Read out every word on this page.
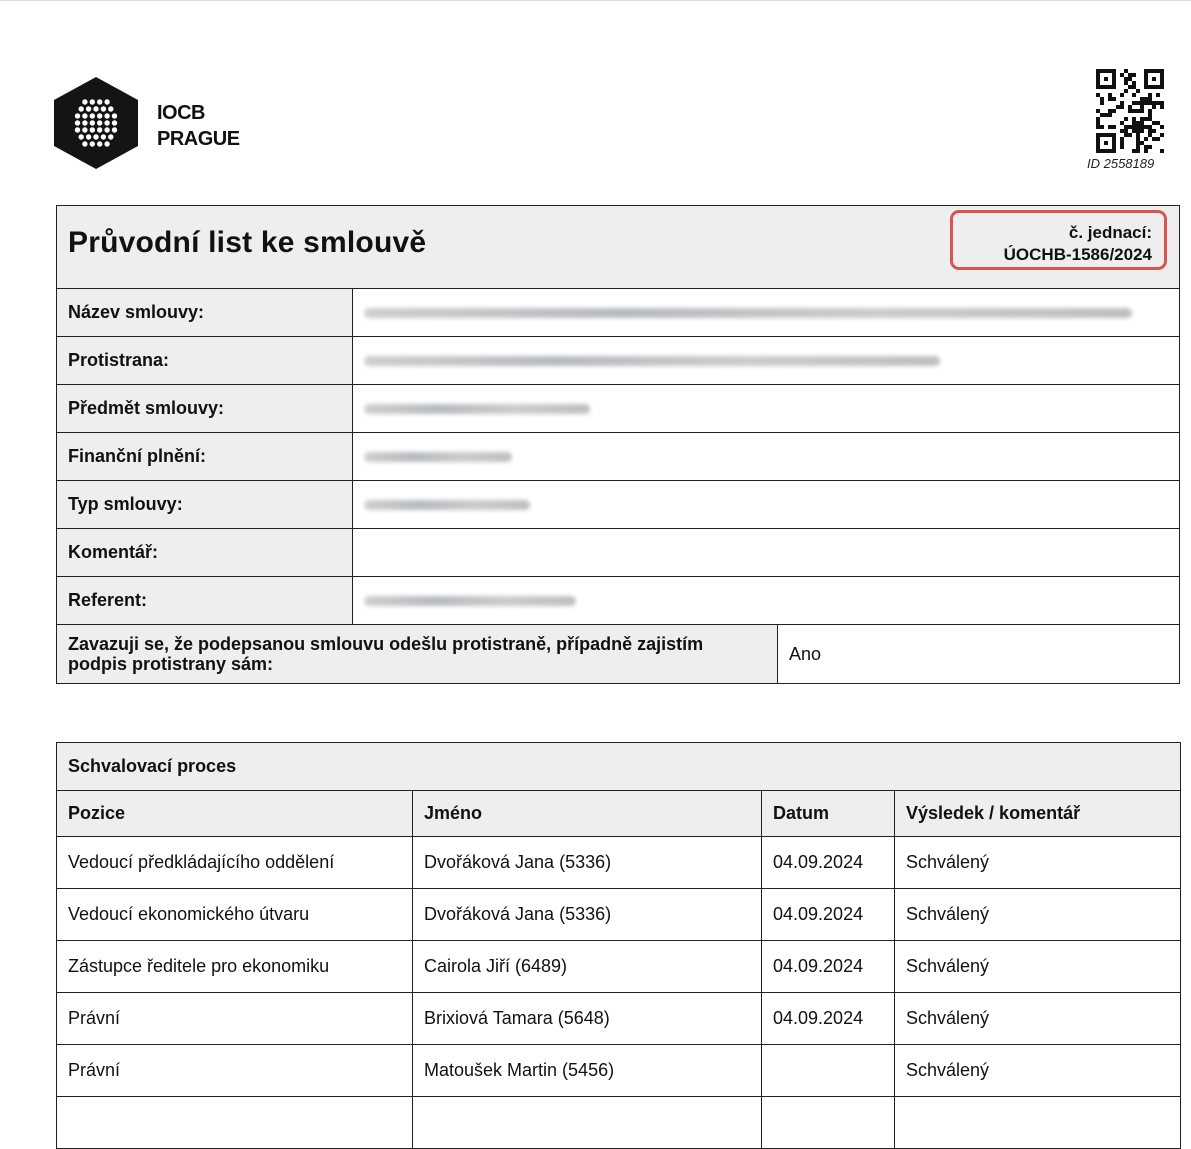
IOCB
PRAGUE
ID 2558189
Průvodní list ke smlouvě	č. jednací:
ÚOCHB-1586/2024
Název smlouvy:	
Protistrana:	
Předmět smlouvy:	
Finanční plnění:	
Typ smlouvy:	
Komentář:	
Referent:	
Zavazuji se, že podepsanou smlouvu odešlu protistraně, případně zajistím podpis protistrany sám:	Ano
Schvalovací proces			
Pozice	Jméno	Datum	Výsledek / komentář
Vedoucí předkládajícího oddělení	Dvořáková Jana (5336)	04.09.2024	Schválený
Vedoucí ekonomického útvaru	Dvořáková Jana (5336)	04.09.2024	Schválený
Zástupce ředitele pro ekonomiku	Cairola Jiří (6489)	04.09.2024	Schválený
Právní	Brixiová Tamara (5648)	04.09.2024	Schválený
Právní	Matoušek Martin (5456)		Schválený
